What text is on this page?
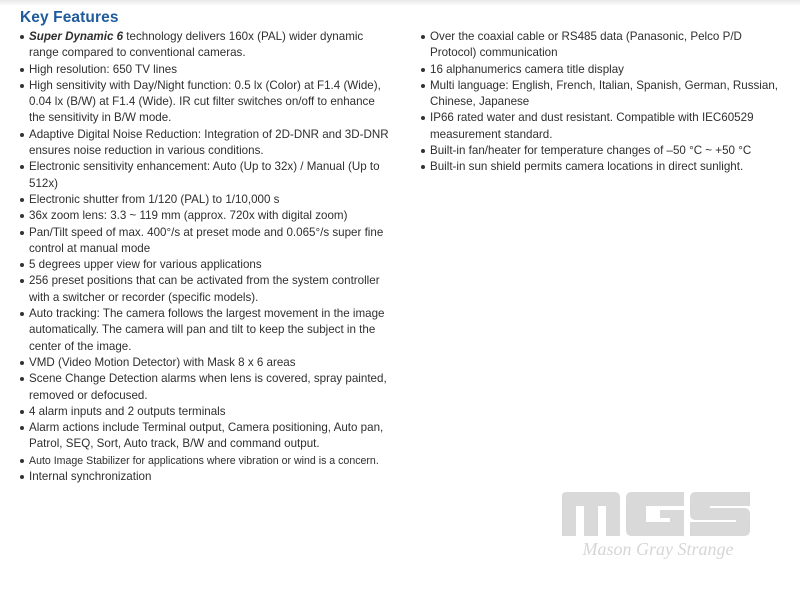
Key Features
Super Dynamic 6 technology delivers 160x (PAL) wider dynamic range compared to conventional cameras.
High resolution: 650 TV lines
High sensitivity with Day/Night function: 0.5 lx (Color) at F1.4 (Wide), 0.04 lx (B/W) at F1.4 (Wide). IR cut filter switches on/off to enhance the sensitivity in B/W mode.
Adaptive Digital Noise Reduction: Integration of 2D-DNR and 3D-DNR ensures noise reduction in various conditions.
Electronic sensitivity enhancement: Auto (Up to 32x) / Manual (Up to 512x)
Electronic shutter from 1/120 (PAL) to 1/10,000 s
36x zoom lens: 3.3 ~ 119 mm (approx. 720x with digital zoom)
Pan/Tilt speed of max. 400°/s at preset mode and 0.065°/s super fine control at manual mode
5 degrees upper view for various applications
256 preset positions that can be activated from the system controller with a switcher or recorder (specific models).
Auto tracking: The camera follows the largest movement in the image automatically. The camera will pan and tilt to keep the subject in the center of the image.
VMD (Video Motion Detector) with Mask 8 x 6 areas
Scene Change Detection alarms when lens is covered, spray painted, removed or defocused.
4 alarm inputs and 2 outputs terminals
Alarm actions include Terminal output, Camera positioning, Auto pan, Patrol, SEQ, Sort, Auto track, B/W and command output.
Auto Image Stabilizer for applications where vibration or wind is a concern.
Internal synchronization
Over the coaxial cable or RS485 data (Panasonic, Pelco P/D Protocol) communication
16 alphanumerics camera title display
Multi language: English, French, Italian, Spanish, German, Russian, Chinese, Japanese
IP66 rated water and dust resistant. Compatible with IEC60529 measurement standard.
Built-in fan/heater for temperature changes of –50 °C ~ +50 °C
Built-in sun shield permits camera locations in direct sunlight.
Mason Gray Strange
